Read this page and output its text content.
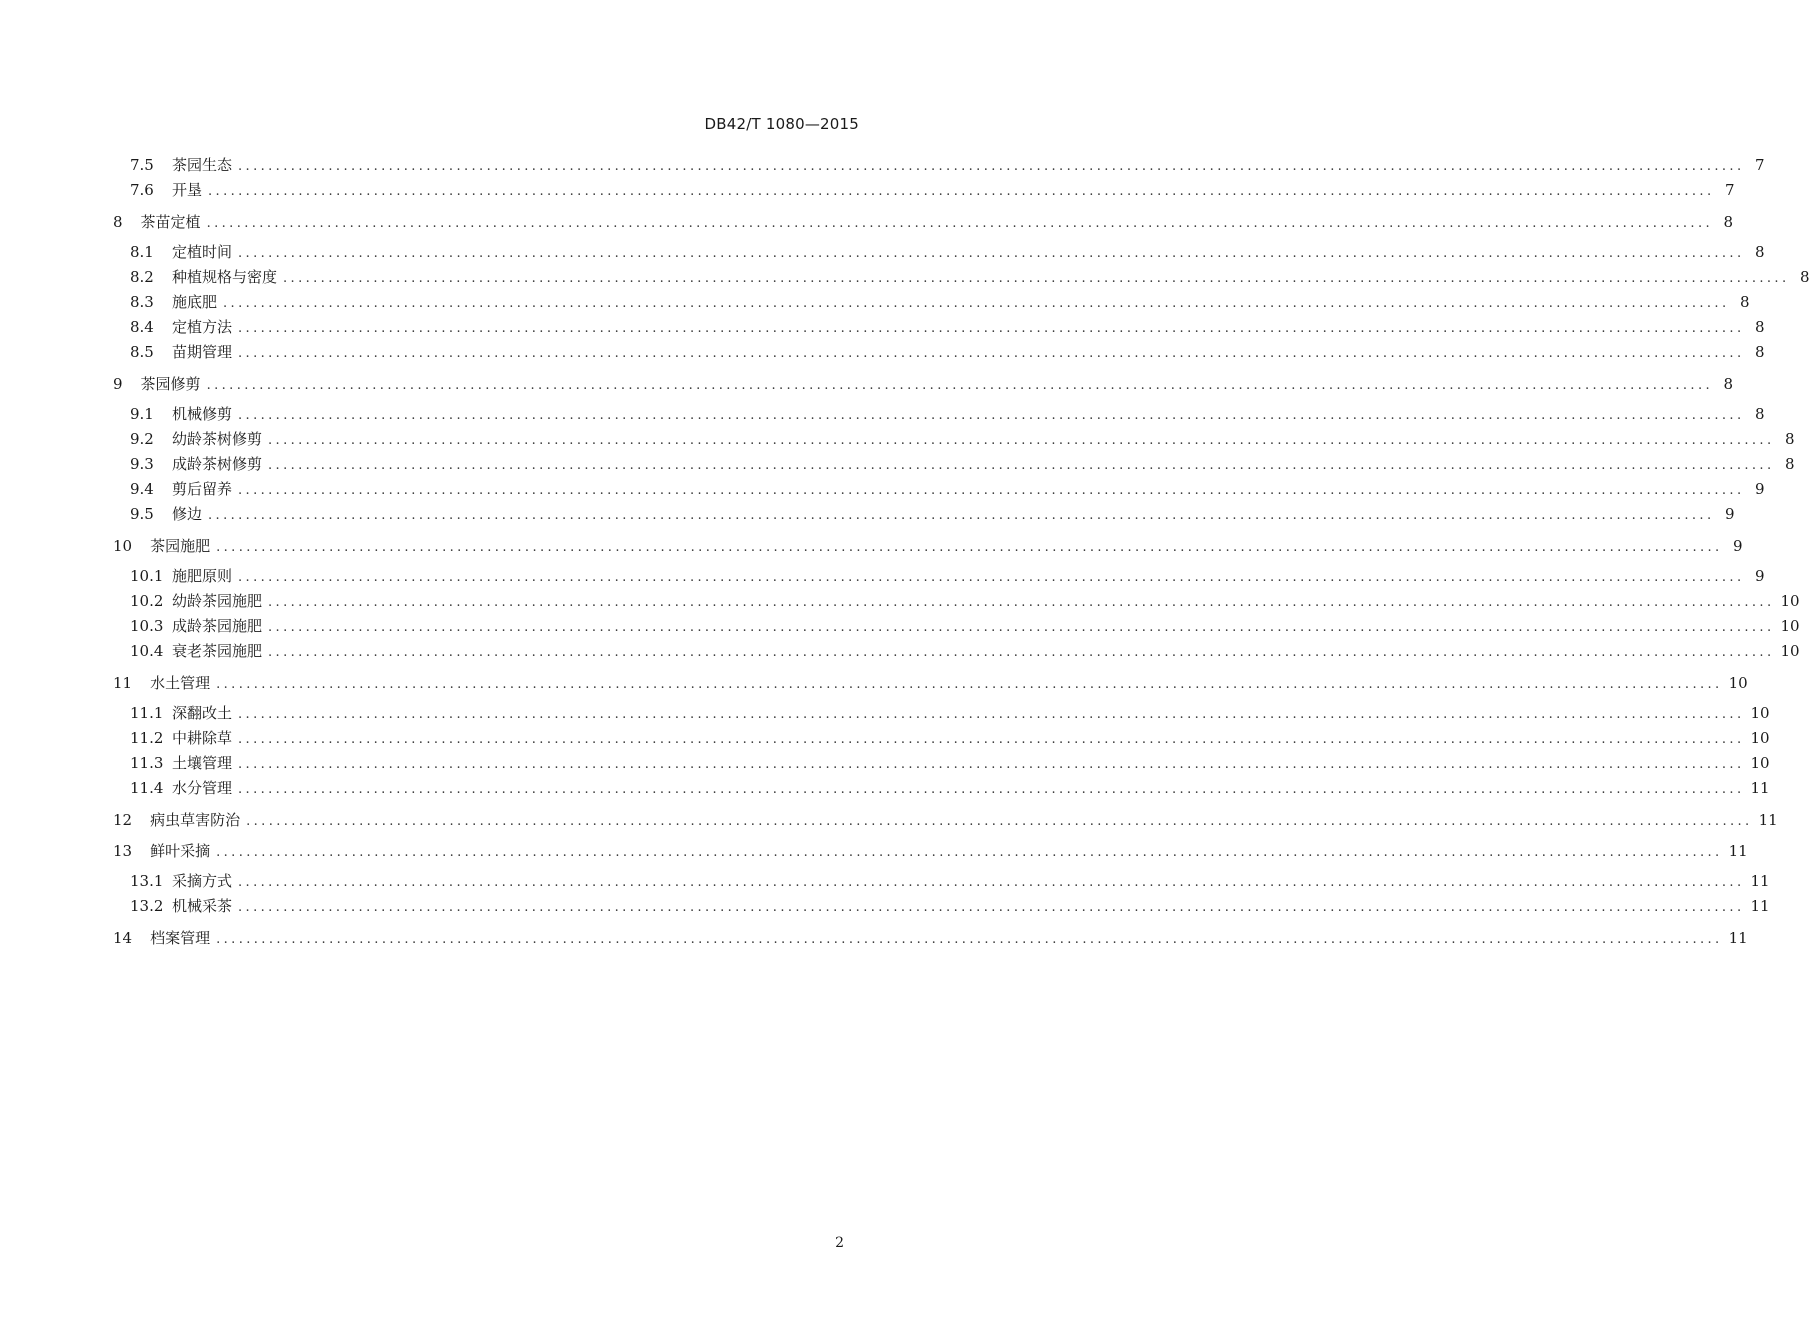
DB42/T 1080—2015
7.5 茶园生态 ........................................................................................................................................................................................................ 7
7.6 开垦 ........................................................................................................................................................................................................ 7
8 茶苗定植 ........................................................................................................................................................................................................ 8
8.1 定植时间 ........................................................................................................................................................................................................ 8
8.2 种植规格与密度 ........................................................................................................................................................................................................ 8
8.3 施底肥 ........................................................................................................................................................................................................ 8
8.4 定植方法 ........................................................................................................................................................................................................ 8
8.5 苗期管理 ........................................................................................................................................................................................................ 8
9 茶园修剪 ........................................................................................................................................................................................................ 8
9.1 机械修剪 ........................................................................................................................................................................................................ 8
9.2 幼龄茶树修剪 ........................................................................................................................................................................................................ 8
9.3 成龄茶树修剪 ........................................................................................................................................................................................................ 8
9.4 剪后留养 ........................................................................................................................................................................................................ 9
9.5 修边 ........................................................................................................................................................................................................ 9
10 茶园施肥 ........................................................................................................................................................................................................ 9
10.1 施肥原则 ........................................................................................................................................................................................................ 9
10.2 幼龄茶园施肥 ........................................................................................................................................................................................................ 10
10.3 成龄茶园施肥 ........................................................................................................................................................................................................ 10
10.4 衰老茶园施肥 ........................................................................................................................................................................................................ 10
11 水土管理 ........................................................................................................................................................................................................ 10
11.1 深翻改土 ........................................................................................................................................................................................................ 10
11.2 中耕除草 ........................................................................................................................................................................................................ 10
11.3 土壤管理 ........................................................................................................................................................................................................ 10
11.4 水分管理 ........................................................................................................................................................................................................ 11
12 病虫草害防治 ........................................................................................................................................................................................................ 11
13 鲜叶采摘 ........................................................................................................................................................................................................ 11
13.1 采摘方式 ........................................................................................................................................................................................................ 11
13.2 机械采茶 ........................................................................................................................................................................................................ 11
14 档案管理 ........................................................................................................................................................................................................ 11
2
